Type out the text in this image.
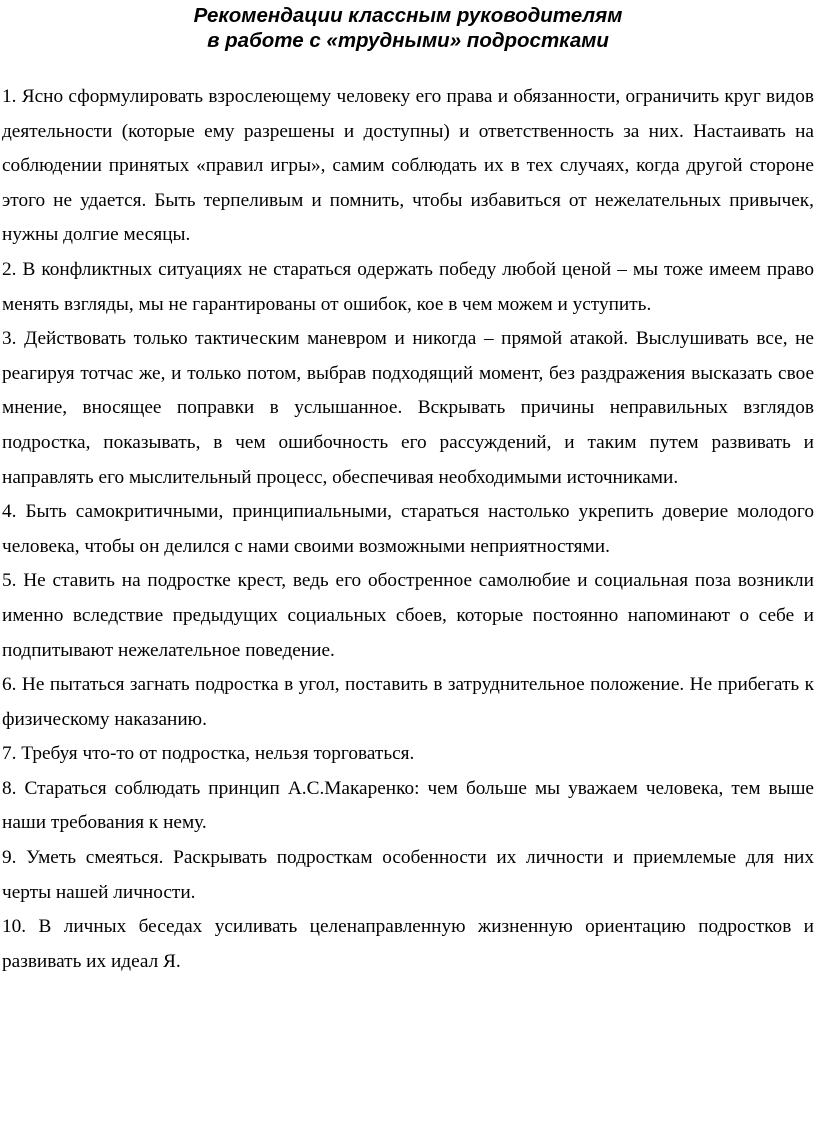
Рекомендации классным руководителям
в работе с «трудными» подростками

1. Ясно сформулировать взрослеющему человеку его права и обязанности, ограничить круг видов деятельности (которые ему разрешены и доступны) и ответственность за них. Настаивать на соблюдении принятых «правил игры», самим соблюдать их в тех случаях, когда другой стороне этого не удается. Быть терпеливым и помнить, чтобы избавиться от нежелательных привычек, нужны долгие месяцы.

2. В конфликтных ситуациях не стараться одержать победу любой ценой – мы тоже имеем право менять взгляды, мы не гарантированы от ошибок, кое в чем можем и уступить.

3. Действовать только тактическим маневром и никогда – прямой атакой. Выслушивать все, не реагируя тотчас же, и только потом, выбрав подходящий момент, без раздражения высказать свое мнение, вносящее поправки в услышанное. Вскрывать причины неправильных взглядов подростка, показывать, в чем ошибочность его рассуждений, и таким путем развивать и направлять его мыслительный процесс, обеспечивая необходимыми источниками.

4. Быть самокритичными, принципиальными, стараться настолько укрепить доверие молодого человека, чтобы он делился с нами своими возможными неприятностями.

5. Не ставить на подростке крест, ведь его обостренное самолюбие и социальная поза возникли именно вследствие предыдущих социальных сбоев, которые постоянно напоминают о себе и подпитывают нежелательное поведение.

6. Не пытаться загнать подростка в угол, поставить в затруднительное положение. Не прибегать к физическому наказанию.

7. Требуя что-то от подростка, нельзя торговаться.

8. Стараться соблюдать принцип А.С.Макаренко: чем больше мы уважаем человека, тем выше наши требования к нему.

9. Уметь смеяться. Раскрывать подросткам особенности их личности и приемлемые для них черты нашей личности.

10. В личных беседах усиливать целенаправленную жизненную ориентацию подростков и развивать их идеал Я.
